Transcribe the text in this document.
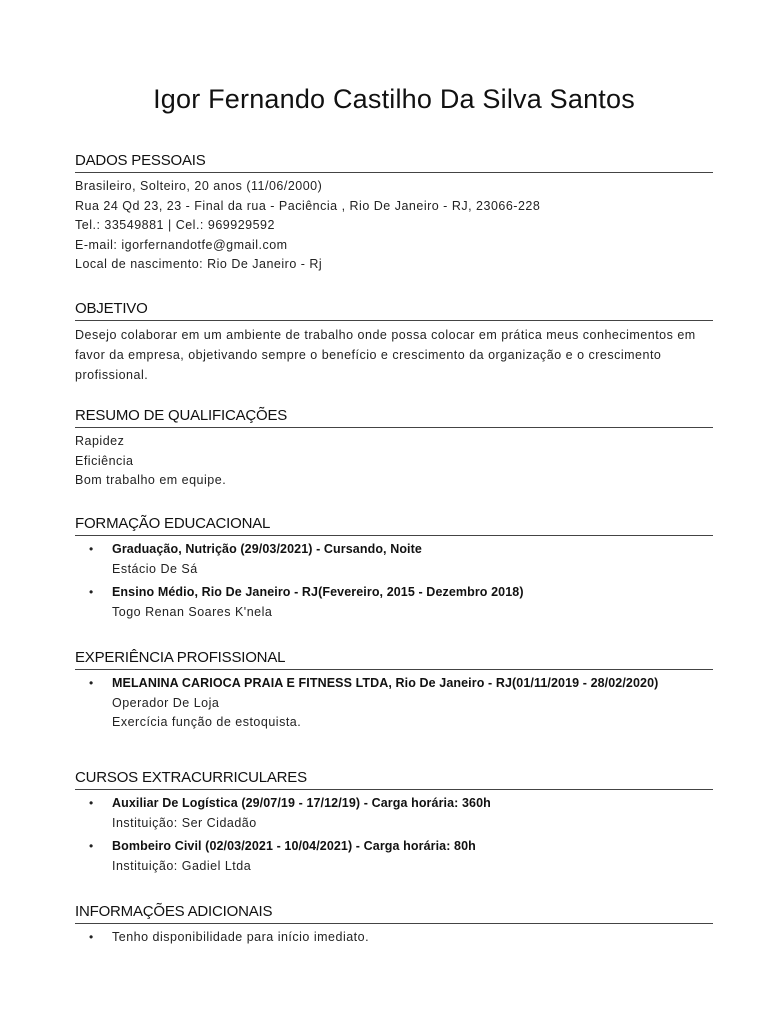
Igor Fernando Castilho Da Silva Santos
DADOS PESSOAIS
Brasileiro, Solteiro, 20 anos (11/06/2000)
Rua 24 Qd 23, 23 - Final da rua - Paciência , Rio De Janeiro - RJ, 23066-228
Tel.: 33549881 | Cel.: 969929592
E-mail: igorfernandotfe@gmail.com
Local de nascimento: Rio De Janeiro - Rj
OBJETIVO
Desejo colaborar em um ambiente de trabalho onde possa colocar em prática meus conhecimentos em favor da empresa, objetivando sempre o benefício e crescimento da organização e o crescimento profissional.
RESUMO DE QUALIFICAÇÕES
Rapidez
Eficiência
Bom trabalho em equipe.
FORMAÇÃO EDUCACIONAL
• Graduação, Nutrição (29/03/2021) - Cursando, Noite
Estácio De Sá
• Ensino Médio, Rio De Janeiro - RJ(Fevereiro, 2015 - Dezembro 2018)
Togo Renan Soares K'nela
EXPERIÊNCIA PROFISSIONAL
• MELANINA CARIOCA PRAIA E FITNESS LTDA, Rio De Janeiro - RJ(01/11/2019 - 28/02/2020)
Operador De Loja
Exercícia função de estoquista.
CURSOS EXTRACURRICULARES
• Auxiliar De Logística (29/07/19 - 17/12/19) - Carga horária: 360h
Instituição: Ser Cidadão
• Bombeiro Civil (02/03/2021 - 10/04/2021) - Carga horária: 80h
Instituição: Gadiel Ltda
INFORMAÇÕES ADICIONAIS
• Tenho disponibilidade para início imediato.
